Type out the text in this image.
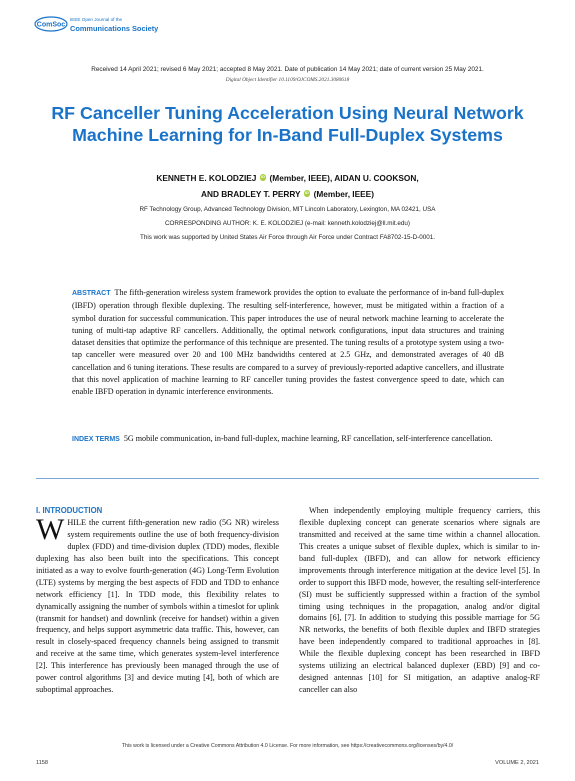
ComSoc
IEEE Open Journal of the
Communications Society
Received 14 April 2021; revised 6 May 2021; accepted 8 May 2021. Date of publication 14 May 2021; date of current version 25 May 2021.
Digital Object Identifier 10.1109/OJCOMS.2021.3080618
RF Canceller Tuning Acceleration Using Neural Network Machine Learning for In-Band Full-Duplex Systems
KENNETH E. KOLODZIEJ iD (Member, IEEE), AIDAN U. COOKSON,
AND BRADLEY T. PERRY iD (Member, IEEE)
RF Technology Group, Advanced Technology Division, MIT Lincoln Laboratory, Lexington, MA 02421, USA
CORRESPONDING AUTHOR: K. E. KOLODZIEJ (e-mail: kenneth.kolodziej@ll.mit.edu)
This work was supported by United States Air Force through Air Force under Contract FA8702-15-D-0001.
ABSTRACT The fifth-generation wireless system framework provides the option to evaluate the performance of in-band full-duplex (IBFD) operation through flexible duplexing. The resulting self-interference, however, must be mitigated within a fraction of a symbol duration for successful communication. This paper introduces the use of neural network machine learning to accelerate the tuning of multi-tap adaptive RF cancellers. Additionally, the optimal network configurations, input data structures and training dataset densities that optimize the performance of this technique are presented. The tuning results of a prototype system using a two-tap canceller were measured over 20 and 100 MHz bandwidths centered at 2.5 GHz, and demonstrated averages of 40 dB cancellation and 6 tuning iterations. These results are compared to a survey of previously-reported adaptive cancellers, and illustrate that this novel application of machine learning to RF canceller tuning provides the fastest convergence speed to date, which can enable IBFD operation in dynamic interference environments.
INDEX TERMS 5G mobile communication, in-band full-duplex, machine learning, RF cancellation, self-interference cancellation.
I. INTRODUCTION
WHILE the current fifth-generation new radio (5G NR) wireless system requirements outline the use of both frequency-division duplex (FDD) and time-division duplex (TDD) modes, flexible duplexing has also been built into the specifications. This concept initiated as a way to evolve fourth-generation (4G) Long-Term Evolution (LTE) systems by merging the best aspects of FDD and TDD to enhance network efficiency [1]. In TDD mode, this flexibility relates to dynamically assigning the number of symbols within a timeslot for uplink (transmit for handset) and downlink (receive for handset) within a given frequency, and helps support asymmetric data traffic. This, however, can result in closely-spaced frequency channels being assigned to transmit and receive at the same time, which generates system-level interference [2]. This interference has previously been managed through the use of power control algorithms [3] and device muting [4], both of which are suboptimal approaches.
When independently employing multiple frequency carriers, this flexible duplexing concept can generate scenarios where signals are transmitted and received at the same time within a channel allocation. This creates a unique subset of flexible duplex, which is similar to in-band full-duplex (IBFD), and can allow for network efficiency improvements through interference mitigation at the device level [5]. In order to support this IBFD mode, however, the resulting self-interference (SI) must be sufficiently suppressed within a fraction of the symbol timing using techniques in the propagation, analog and/or digital domains [6], [7]. In addition to studying this possible marriage for 5G NR networks, the benefits of both flexible duplex and IBFD strategies have been independently compared to traditional approaches in [8]. While the flexible duplexing concept has been researched in IBFD systems utilizing an electrical balanced duplexer (EBD) [9] and co-designed antennas [10] for SI mitigation, an adaptive analog-RF canceller can also
This work is licensed under a Creative Commons Attribution 4.0 License. For more information, see https://creativecommons.org/licenses/by/4.0/
1158	VOLUME 2, 2021
